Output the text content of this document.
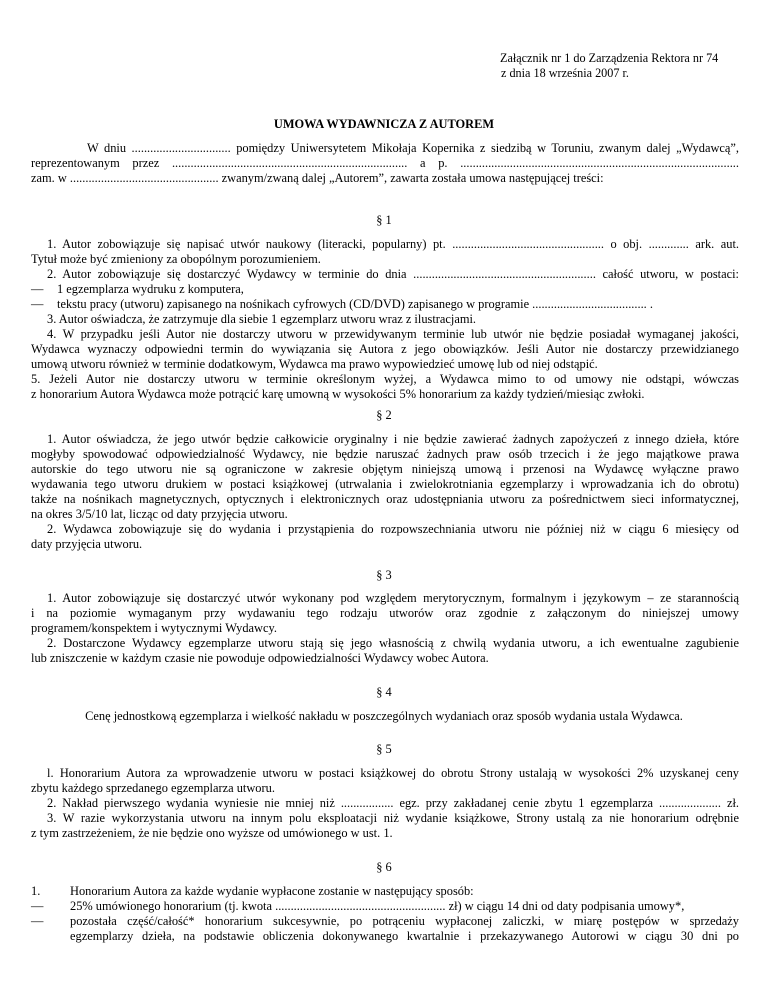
Załącznik nr 1 do Zarządzenia Rektora nr 74
z dnia 18 września 2007 r.
UMOWA WYDAWNICZA Z AUTOREM
W dniu ................................ pomiędzy Uniwersytetem Mikołaja Kopernika z siedzibą w Toruniu, zwanym dalej „Wydawcą”,
reprezentowanym przez ............................................................................ a p. ..........................................................................................
zam. w ................................................ zwanym/zwaną dalej „Autorem”, zawarta została umowa następującej treści:
§ 1
1. Autor zobowiązuje się napisać utwór naukowy (literacki, popularny) pt. ................................................. o obj. ............. ark. aut.
Tytuł może być zmieniony za obopólnym porozumieniem.
2. Autor zobowiązuje się dostarczyć Wydawcy w terminie do dnia ........................................................... całość utworu, w postaci:
— 1 egzemplarza wydruku z komputera,
— tekstu pracy (utworu) zapisanego na nośnikach cyfrowych (CD/DVD) zapisanego w programie ..................................... .
3. Autor oświadcza, że zatrzymuje dla siebie 1 egzemplarz utworu wraz z ilustracjami.
4. W przypadku jeśli Autor nie dostarczy utworu w przewidywanym terminie lub utwór nie będzie posiadał wymaganej jakości,
Wydawca wyznaczy odpowiedni termin do wywiązania się Autora z jego obowiązków. Jeśli Autor nie dostarczy przewidzianego
umową utworu również w terminie dodatkowym, Wydawca ma prawo wypowiedzieć umowę lub od niej odstąpić.
5. Jeżeli Autor nie dostarczy utworu w terminie określonym wyżej, a Wydawca mimo to od umowy nie odstąpi, wówczas
z honorarium Autora Wydawca może potrącić karę umowną w wysokości 5% honorarium za każdy tydzień/miesiąc zwłoki.
§ 2
1. Autor oświadcza, że jego utwór będzie całkowicie oryginalny i nie będzie zawierać żadnych zapożyczeń z innego dzieła, które
mogłyby spowodować odpowiedzialność Wydawcy, nie będzie naruszać żadnych praw osób trzecich i że jego majątkowe prawa
autorskie do tego utworu nie są ograniczone w zakresie objętym niniejszą umową i przenosi na Wydawcę wyłączne prawo
wydawania tego utworu drukiem w postaci książkowej (utrwalania i zwielokrotniania egzemplarzy i wprowadzania ich do obrotu)
także na nośnikach magnetycznych, optycznych i elektronicznych oraz udostępniania utworu za pośrednictwem sieci informatycznej,
na okres 3/5/10 lat, licząc od daty przyjęcia utworu.
2. Wydawca zobowiązuje się do wydania i przystąpienia do rozpowszechniania utworu nie później niż w ciągu 6 miesięcy od
daty przyjęcia utworu.
§ 3
1. Autor zobowiązuje się dostarczyć utwór wykonany pod względem merytorycznym, formalnym i językowym – ze starannością
i na poziomie wymaganym przy wydawaniu tego rodzaju utworów oraz zgodnie z załączonym do niniejszej umowy
programem/konspektem i wytycznymi Wydawcy.
2. Dostarczone Wydawcy egzemplarze utworu stają się jego własnością z chwilą wydania utworu, a ich ewentualne zagubienie
lub zniszczenie w każdym czasie nie powoduje odpowiedzialności Wydawcy wobec Autora.
§ 4
Cenę jednostkową egzemplarza i wielkość nakładu w poszczególnych wydaniach oraz sposób wydania ustala Wydawca.
§ 5
l. Honorarium Autora za wprowadzenie utworu w postaci książkowej do obrotu Strony ustalają w wysokości 2% uzyskanej ceny
zbytu każdego sprzedanego egzemplarza utworu.
2. Nakład pierwszego wydania wyniesie nie mniej niż ................. egz. przy zakładanej cenie zbytu 1 egzemplarza .................... zł.
3. W razie wykorzystania utworu na innym polu eksploatacji niż wydanie książkowe, Strony ustalą za nie honorarium odrębnie
z tym zastrzeżeniem, że nie będzie ono wyższe od umówionego w ust. 1.
§ 6
1.	Honorarium Autora za każde wydanie wypłacone zostanie w następujący sposób:
—	25% umówionego honorarium (tj. kwota ....................................................... zł) w ciągu 14 dni od daty podpisania umowy*,
—	pozostała część/całość* honorarium sukcesywnie, po potrąceniu wypłaconej zaliczki, w miarę postępów w sprzedaży
egzemplarzy dzieła, na podstawie obliczenia dokonywanego kwartalnie i przekazywanego Autorowi w ciągu 30 dni po
